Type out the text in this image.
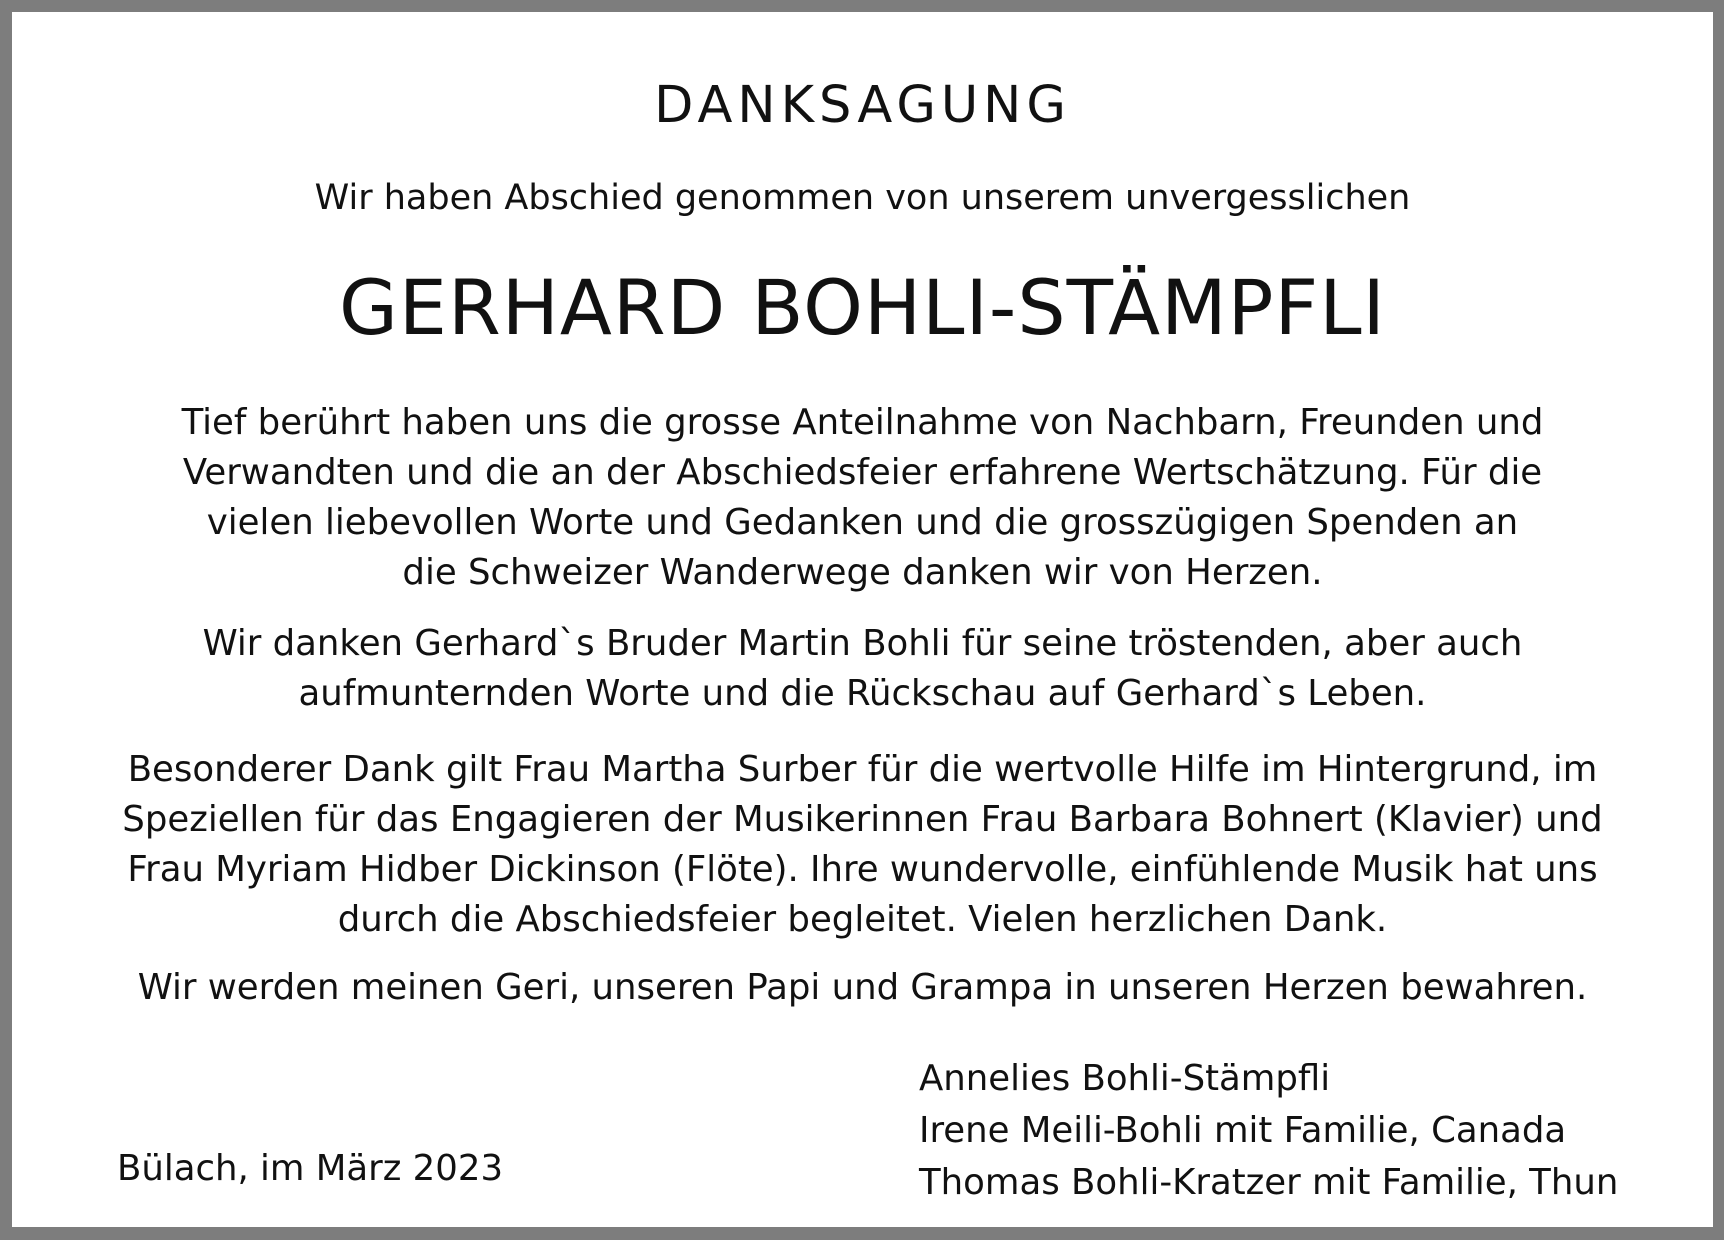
DANKSAGUNG

Wir haben Abschied genommen von unserem unvergesslichen

GERHARD BOHLI-STÄMPFLI
Tief berührt haben uns die grosse Anteilnahme von Nachbarn, Freunden und
Verwandten und die an der Abschiedsfeier erfahrene Wertschätzung. Für die
vielen liebevollen Worte und Gedanken und die grosszügigen Spenden an
die Schweizer Wanderwege danken wir von Herzen.
Wir danken Gerhard`s Bruder Martin Bohli für seine tröstenden, aber auch
aufmunternden Worte und die Rückschau auf Gerhard`s Leben.
Besonderer Dank gilt Frau Martha Surber für die wertvolle Hilfe im Hintergrund, im
Speziellen für das Engagieren der Musikerinnen Frau Barbara Bohnert (Klavier) und
Frau Myriam Hidber Dickinson (Flöte). Ihre wundervolle, einfühlende Musik hat uns
durch die Abschiedsfeier begleitet. Vielen herzlichen Dank.
Wir werden meinen Geri, unseren Papi und Grampa in unseren Herzen bewahren.

Bülach, im März 2023

Annelies Bohli-Stämpfli
Irene Meili-Bohli mit Familie, Canada
Thomas Bohli-Kratzer mit Familie, Thun
